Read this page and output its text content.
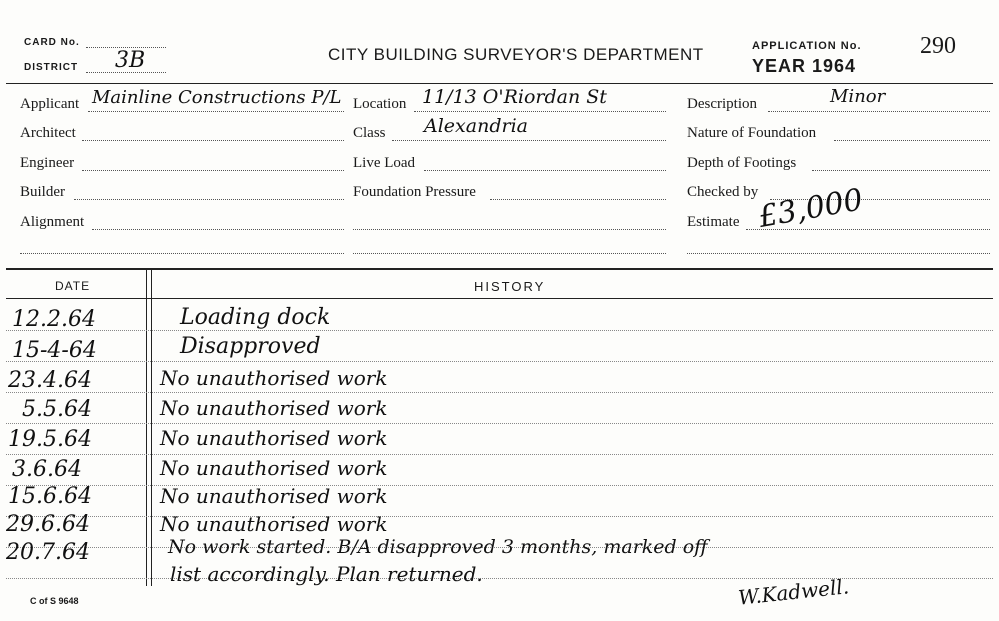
CARD No.
DISTRICT 3B	CITY BUILDING SURVEYOR'S DEPARTMENT	APPLICATION No. 290
YEAR 1964
Applicant Mainline Constructions P/L
Architect
Engineer
Builder
Alignment
Location 11/13 O'Riordan St
Class Alexandria
Live Load
Foundation Pressure
Description	Minor
Nature of Foundation
Depth of Footings
Checked by
Estimate £3,000
DATE	HISTORY
12.2.64	Loading dock
15-4-64	Disapproved
23.4.64	No unauthorised work
5.5.64	No unauthorised work
19.5.64	No unauthorised work
3.6.64	No unauthorised work
15.6.64	No unauthorised work
29.6.64	No unauthorised work
20.7.64	No work started. B/A disapproved 3 months, marked off
list accordingly. Plan returned.
W.Kadwell.
C of S 9648
